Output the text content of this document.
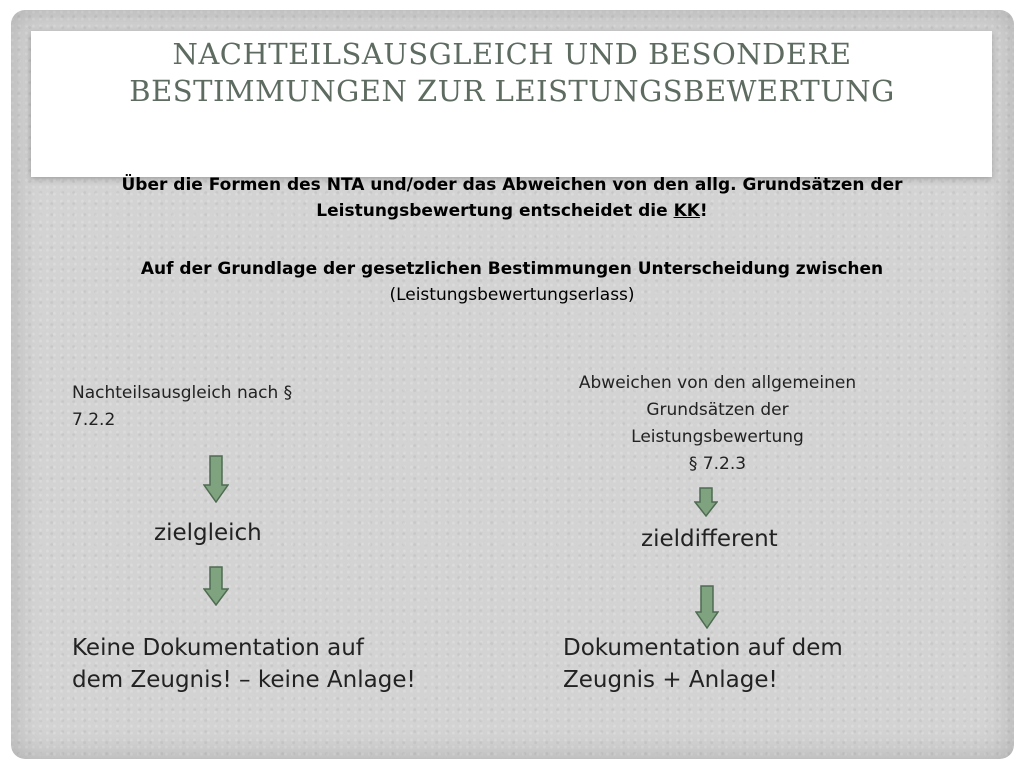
NACHTEILSAUSGLEICH UND BESONDERE
BESTIMMUNGEN ZUR LEISTUNGSBEWERTUNG
Über die Formen des NTA und/oder das Abweichen von den allg. Grundsätzen der
Leistungsbewertung entscheidet die KK!
Auf der Grundlage der gesetzlichen Bestimmungen Unterscheidung zwischen
(Leistungsbewertungserlass)
Nachteilsausgleich nach §
7.2.2
zielgleich
Keine Dokumentation auf
dem Zeugnis! – keine Anlage!
Abweichen von den allgemeinen
Grundsätzen der
Leistungsbewertung
§ 7.2.3
zieldifferent
Dokumentation auf dem
Zeugnis + Anlage!
